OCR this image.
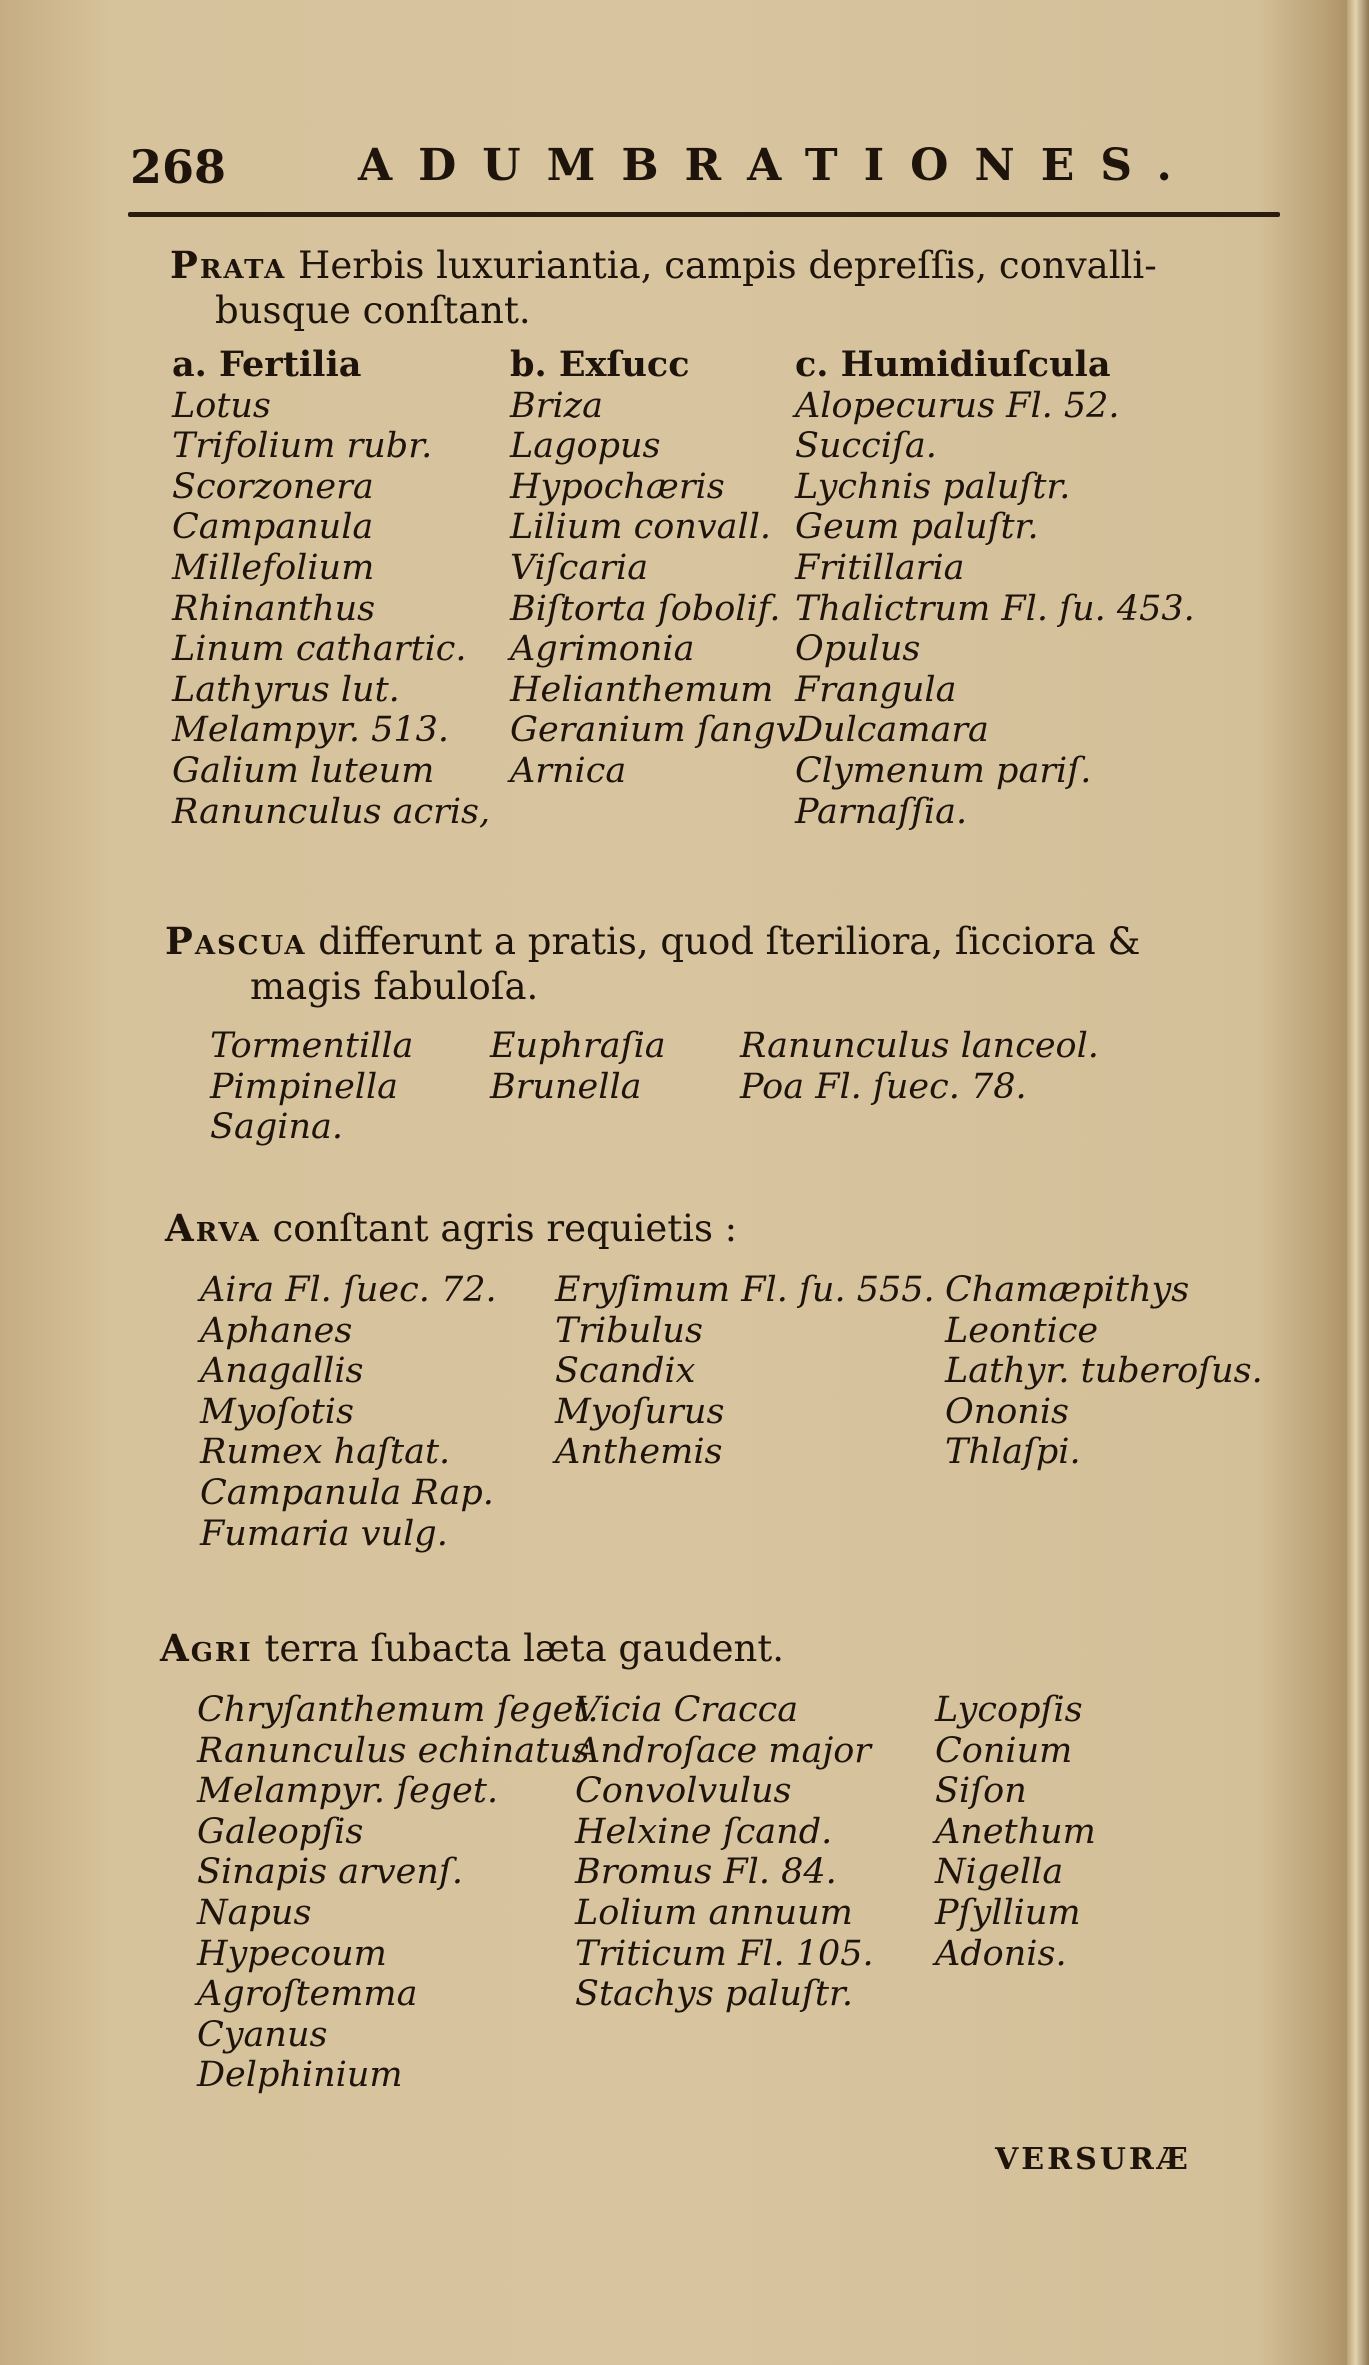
268	ADUMBRATIONES.
Prata Herbis luxuriantia, campis depreſſis, convalli-
busque conſtant.
a. Fertilia
Lotus
Trifolium rubr.
Scorzonera
Campanula
Millefolium
Rhinanthus
Linum cathartic.
Lathyrus lut.
Melampyr. 513.
Galium luteum
Ranunculus acris,
b. Exſucc
Briza
Lagopus
Hypochæris
Lilium convall.
Viſcaria
Biſtorta ſobolif.
Agrimonia
Helianthemum
Geranium ſangv.
Arnica
c. Humidiuſcula
Alopecurus Fl. 52.
Succiſa.
Lychnis paluſtr.
Geum paluſtr.
Fritillaria
Thalictrum Fl. ſu. 453.
Opulus
Frangula
Dulcamara
Clymenum pariſ.
Parnaſſia.
Pascua differunt a pratis, quod ſteriliora, ſicciora &
magis fabuloſa.
Tormentilla
Pimpinella
Sagina.
Euphraſia
Brunella
Ranunculus lanceol.
Poa Fl. ſuec. 78.
Arva conſtant agris requietis :
Aira Fl. ſuec. 72.
Aphanes
Anagallis
Myoſotis
Rumex haſtat.
Campanula Rap.
Fumaria vulg.
Eryſimum Fl. ſu. 555.
Tribulus
Scandix
Myoſurus
Anthemis
Chamæpithys
Leontice
Lathyr. tuberoſus.
Ononis
Thlaſpi.
Agri terra ſubacta læta gaudent.
Chryſanthemum ſeget.
Ranunculus echinatus
Melampyr. ſeget.
Galeopſis
Sinapis arvenſ.
Napus
Hypecoum
Agroſtemma
Cyanus
Delphinium
Vicia Cracca
Androſace major
Convolvulus
Helxine ſcand.
Bromus Fl. 84.
Lolium annuum
Triticum Fl. 105.
Stachys paluſtr.
Lycopſis
Conium
Siſon
Anethum
Nigella
Pſyllium
Adonis.
VERSURÆ
